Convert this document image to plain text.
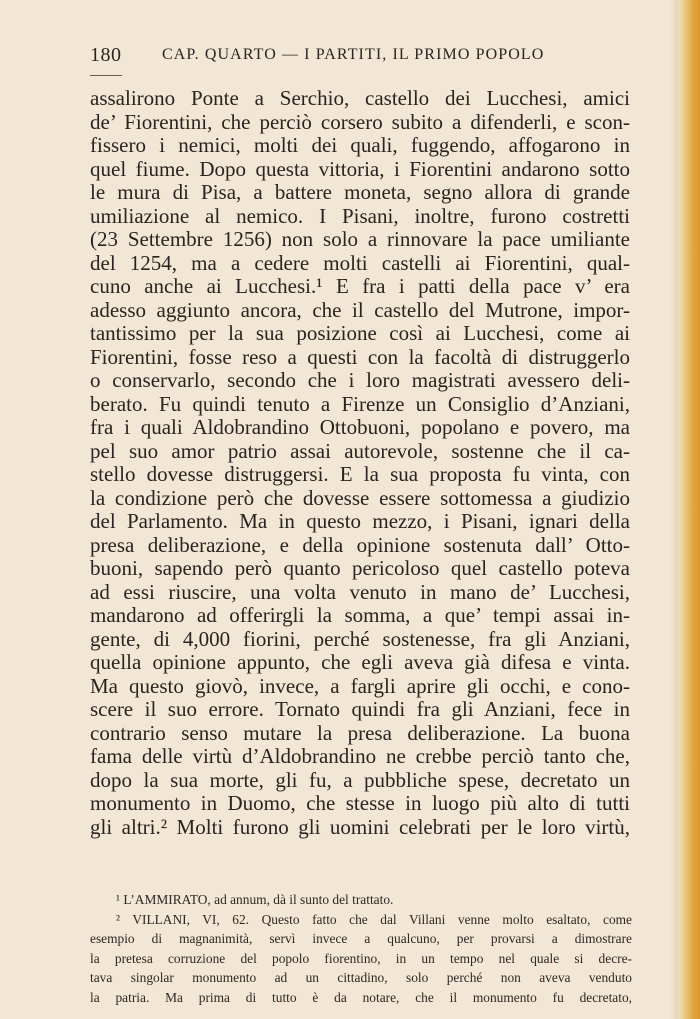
180	CAP. QUARTO — I PARTITI, IL PRIMO POPOLO
assalirono Ponte a Serchio, castello dei Lucchesi, amici
de’ Fiorentini, che perciò corsero subito a difenderli, e scon-
fissero i nemici, molti dei quali, fuggendo, affogarono in
quel fiume. Dopo questa vittoria, i Fiorentini andarono sotto
le mura di Pisa, a battere moneta, segno allora di grande
umiliazione al nemico. I Pisani, inoltre, furono costretti
(23 Settembre 1256) non solo a rinnovare la pace umiliante
del 1254, ma a cedere molti castelli ai Fiorentini, qual-
cuno anche ai Lucchesi.¹ E fra i patti della pace v’ era
adesso aggiunto ancora, che il castello del Mutrone, impor-
tantissimo per la sua posizione così ai Lucchesi, come ai
Fiorentini, fosse reso a questi con la facoltà di distruggerlo
o conservarlo, secondo che i loro magistrati avessero deli-
berato. Fu quindi tenuto a Firenze un Consiglio d’Anziani,
fra i quali Aldobrandino Ottobuoni, popolano e povero, ma
pel suo amor patrio assai autorevole, sostenne che il ca-
stello dovesse distruggersi. E la sua proposta fu vinta, con
la condizione però che dovesse essere sottomessa a giudizio
del Parlamento. Ma in questo mezzo, i Pisani, ignari della
presa deliberazione, e della opinione sostenuta dall’ Otto-
buoni, sapendo però quanto pericoloso quel castello poteva
ad essi riuscire, una volta venuto in mano de’ Lucchesi,
mandarono ad offerirgli la somma, a que’ tempi assai in-
gente, di 4,000 fiorini, perché sostenesse, fra gli Anziani,
quella opinione appunto, che egli aveva già difesa e vinta.
Ma questo giovò, invece, a fargli aprire gli occhi, e cono-
scere il suo errore. Tornato quindi fra gli Anziani, fece in
contrario senso mutare la presa deliberazione. La buona
fama delle virtù d’Aldobrandino ne crebbe perciò tanto che,
dopo la sua morte, gli fu, a pubbliche spese, decretato un
monumento in Duomo, che stesse in luogo più alto di tutti
gli altri.² Molti furono gli uomini celebrati per le loro virtù,
¹ L’AMMIRATO, ad annum, dà il sunto del trattato.
² VILLANI, VI, 62. Questo fatto che dal Villani venne molto esaltato, come
esempio di magnanimità, servì invece a qualcuno, per provarsi a dimostrare
la pretesa corruzione del popolo fiorentino, in un tempo nel quale si decre-
tava singolar monumento ad un cittadino, solo perché non aveva venduto
la patria. Ma prima di tutto è da notare, che il monumento fu decretato,
